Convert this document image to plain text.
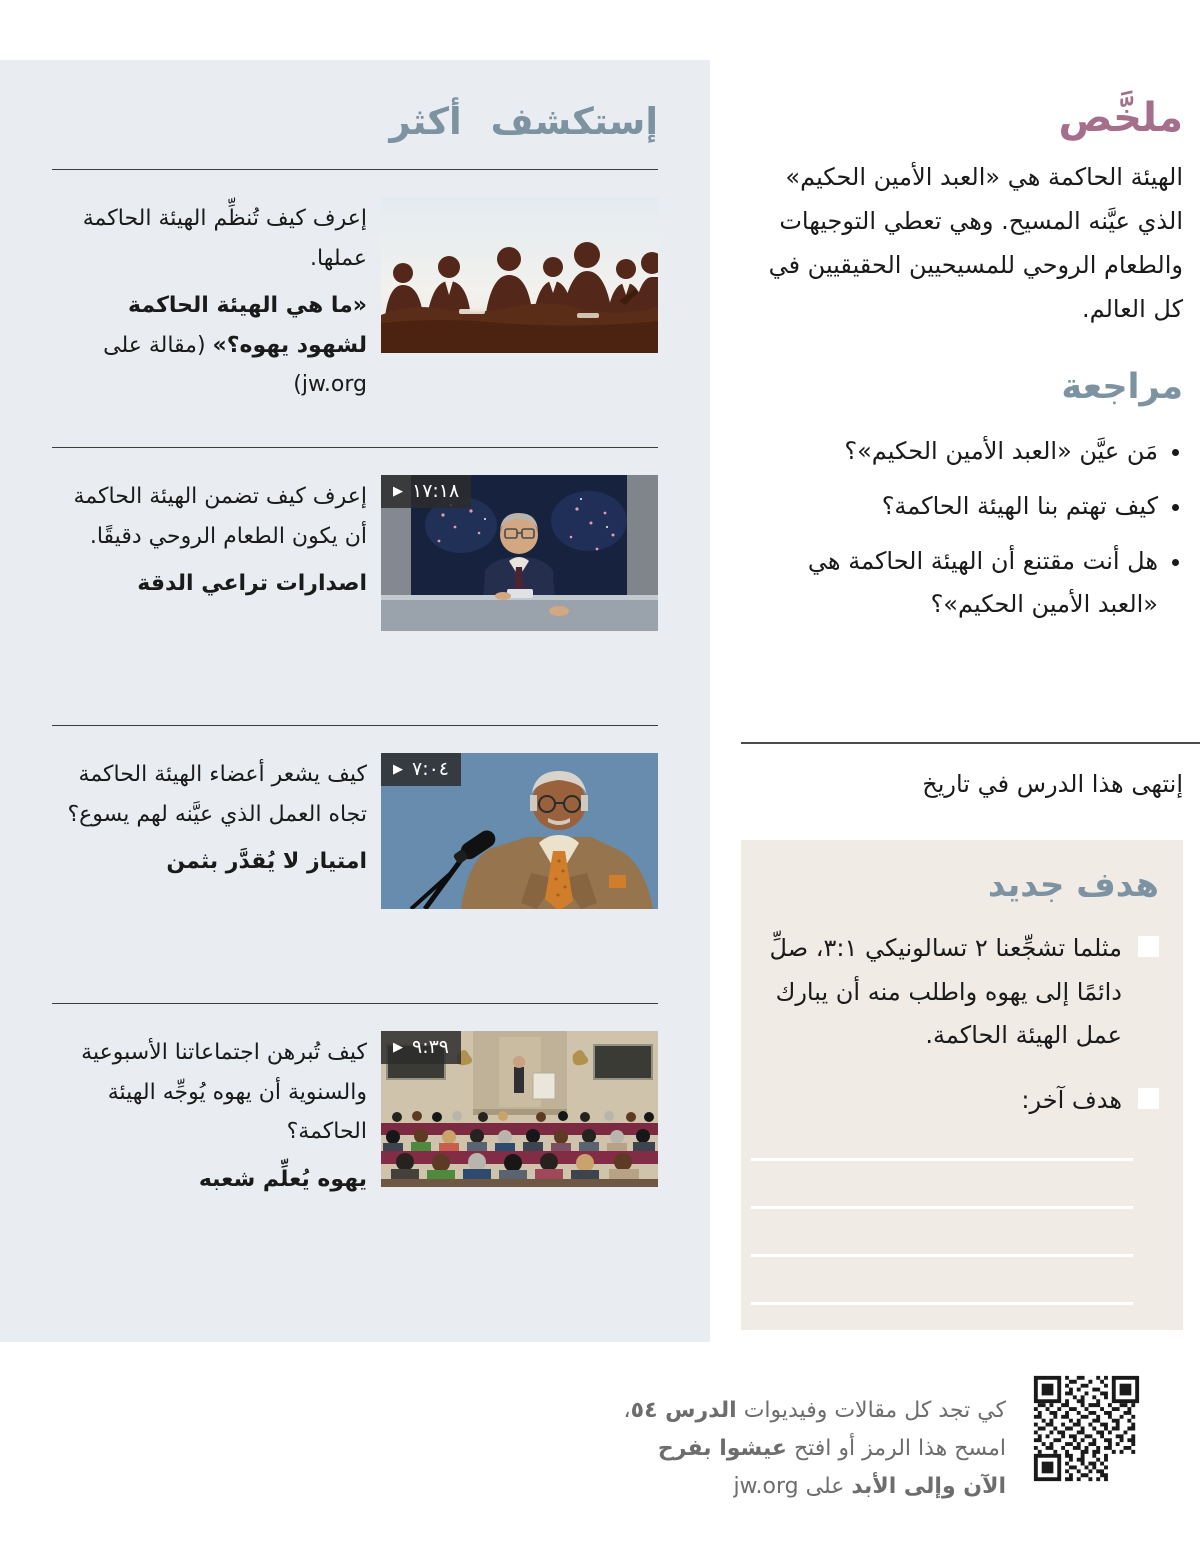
إستكشف أكثر

إعرف كيف تُنظِّم الهيئة الحاكمة عملها.

«ما هي الهيئة الحاكمة لشهود يهوه؟» (مقالة على jw.org)

▶ ١٧:١٨

إعرف كيف تضمن الهيئة الحاكمة أن يكون الطعام الروحي دقيقًا.

اصدارات تراعي الدقة

▶ ٧:٠٤

كيف يشعر أعضاء الهيئة الحاكمة تجاه العمل الذي عيَّنه لهم يسوع؟

امتياز لا يُقدَّر بثمن

▶ ٩:٣٩

كيف تُبرهن اجتماعاتنا الأسبوعية والسنوية أن يهوه يُوجِّه الهيئة الحاكمة؟

يهوه يُعلِّم شعبه

ملخَّص

الهيئة الحاكمة هي «العبد الأمين الحكيم» الذي عيَّنه المسيح. وهي تعطي التوجيهات والطعام الروحي للمسيحيين الحقيقيين في كل العالم.

مراجعة
• مَن عيَّن «العبد الأمين الحكيم»؟
• كيف تهتم بنا الهيئة الحاكمة؟
• هل أنت مقتنع أن الهيئة الحاكمة هي «العبد الأمين الحكيم»؟

إنتهى هذا الدرس في تاريخ

هدف جديد

مثلما تشجِّعنا ٢ تسالونيكي ٣:١، صلِّ دائمًا إلى يهوه واطلب منه أن يبارك عمل الهيئة الحاكمة.

هدف آخر:

كي تجد كل مقالات وفيديوات الدرس ٥٤،

امسح هذا الرمز أو افتح عيشوا بفرح

الآن وإلى الأبد على jw.org
